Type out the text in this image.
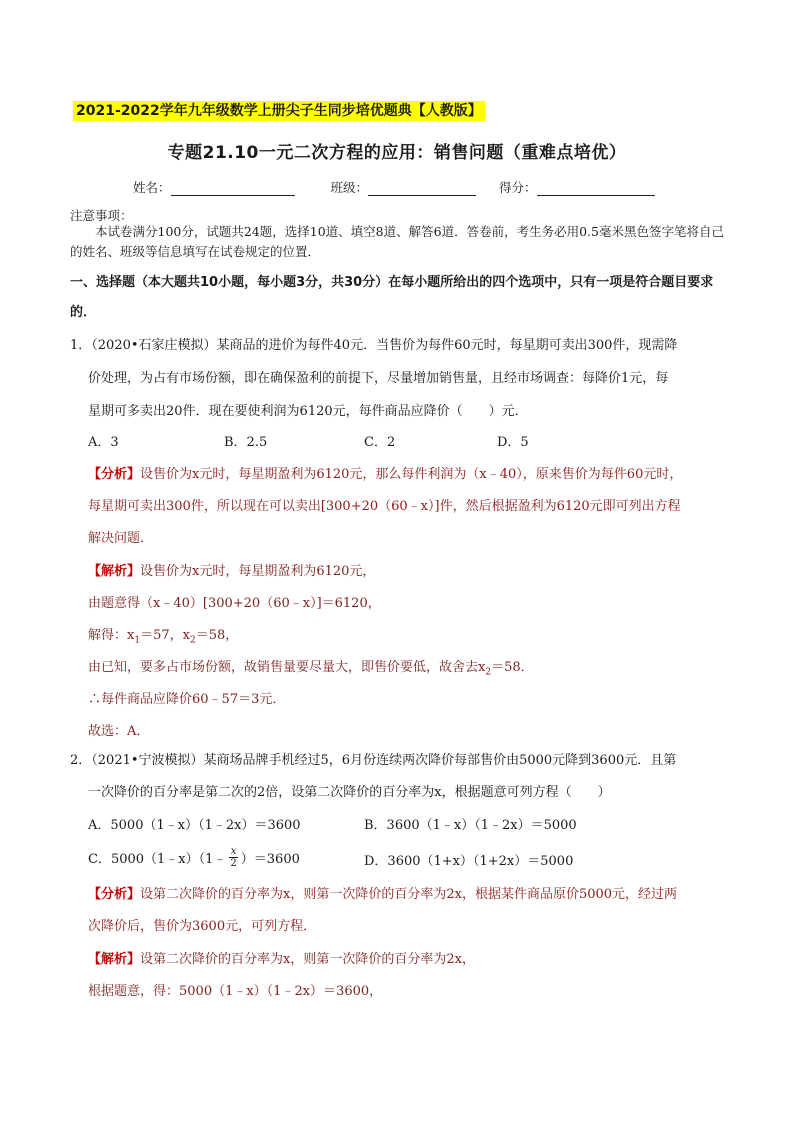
2021-2022学年九年级数学上册尖子生同步培优题典【人教版】
专题21.10一元二次方程的应用：销售问题（重难点培优）
姓名：	班级：	得分：
注意事项：
本试卷满分100分，试题共24题，选择10道、填空8道、解答6道．答卷前，考生务必用0.5毫米黑色签字笔将自己的姓名、班级等信息填写在试卷规定的位置．
一、选择题（本大题共10小题，每小题3分，共30分）在每小题所给出的四个选项中，只有一项是符合题目要求的．
1．（2020•石家庄模拟）某商品的进价为每件40元．当售价为每件60元时，每星期可卖出300件，现需降
价处理，为占有市场份额，即在确保盈利的前提下，尽量增加销售量，且经市场调查：每降价1元，每
星期可多卖出20件．现在要使利润为6120元，每件商品应降价（　　）元．
A．3	B．2.5	C．2	D．5
【分析】设售价为x元时，每星期盈利为6120元，那么每件利润为（x﹣40），原来售价为每件60元时，
每星期可卖出300件，所以现在可以卖出[300+20（60﹣x）]件，然后根据盈利为6120元即可列出方程
解决问题．
【解析】设售价为x元时，每星期盈利为6120元，
由题意得（x﹣40）[300+20（60﹣x）]＝6120，
解得：$x_1=57$，$x_2=58$，
由已知，要多占市场份额，故销售量要尽量大，即售价要低，故舍去$x_2=58$．
∴每件商品应降价60﹣57＝3元．
故选：A．
2．（2021•宁波模拟）某商场品牌手机经过5，6月份连续两次降价每部售价由5000元降到3600元．且第
一次降价的百分率是第二次的2倍，设第二次降价的百分率为x，根据题意可列方程（　　）
A．5000（1﹣x）（1﹣2x）＝3600	B．3600（1﹣x）（1﹣2x）＝5000
C．5000（1﹣x）（1﹣ $\frac{x}{2} )=3600$	D．3600（1+x）（1+2x）＝5000
【分析】设第二次降价的百分率为x，则第一次降价的百分率为2x，根据某件商品原价5000元，经过两
次降价后，售价为3600元，可列方程．
【解析】设第二次降价的百分率为x，则第一次降价的百分率为2x，
根据题意，得：5000（1﹣x）（1﹣2x）＝3600，
